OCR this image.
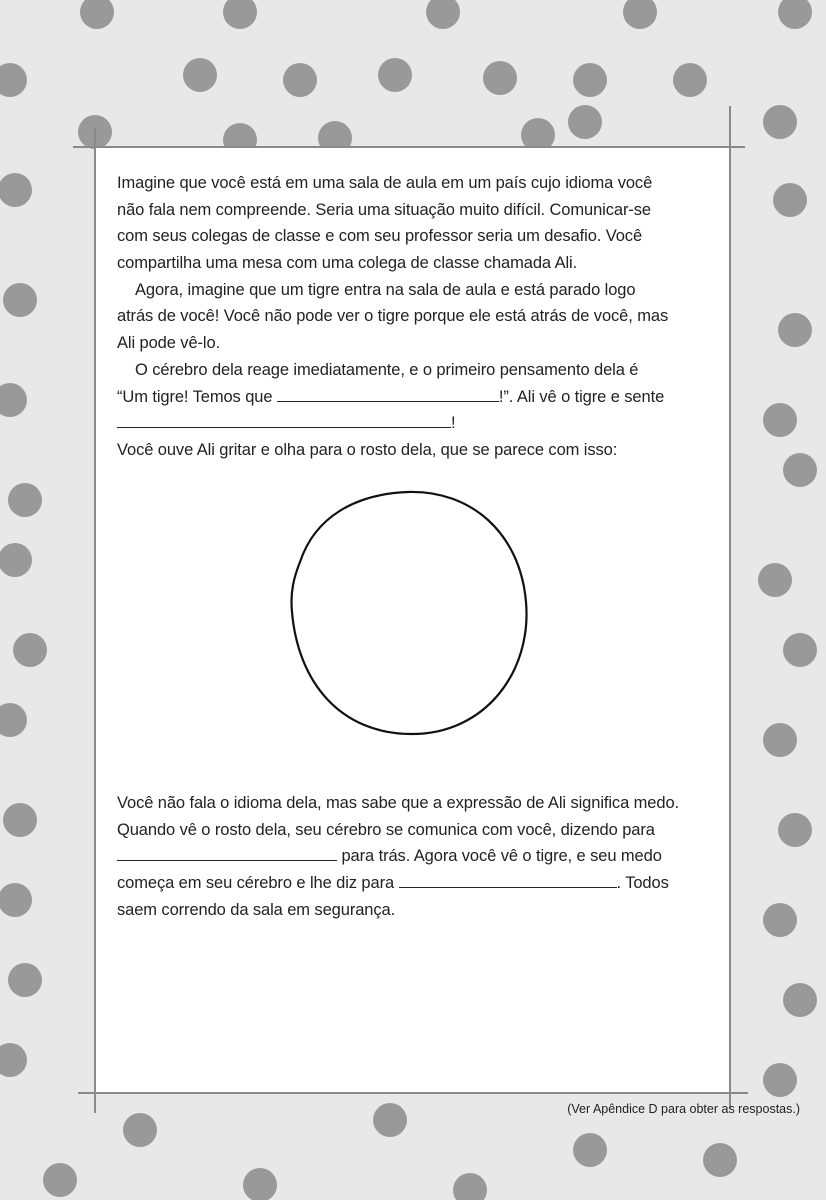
Imagine que você está em uma sala de aula em um país cujo idioma você
não fala nem compreende. Seria uma situação muito difícil. Comunicar-se
com seus colegas de classe e com seu professor seria um desafio. Você
compartilha uma mesa com uma colega de classe chamada Ali.
Agora, imagine que um tigre entra na sala de aula e está parado logo
atrás de você! Você não pode ver o tigre porque ele está atrás de você, mas
Ali pode vê-lo.
O cérebro dela reage imediatamente, e o primeiro pensamento dela é
“Um tigre! Temos que	!”. Ali vê o tigre e sente
!
Você ouve Ali gritar e olha para o rosto dela, que se parece com isso:
Você não fala o idioma dela, mas sabe que a expressão de Ali significa medo.
Quando vê o rosto dela, seu cérebro se comunica com você, dizendo para
para trás. Agora você vê o tigre, e seu medo
começa em seu cérebro e lhe diz para	. Todos
saem correndo da sala em segurança.
(Ver Apêndice D para obter as respostas.)
